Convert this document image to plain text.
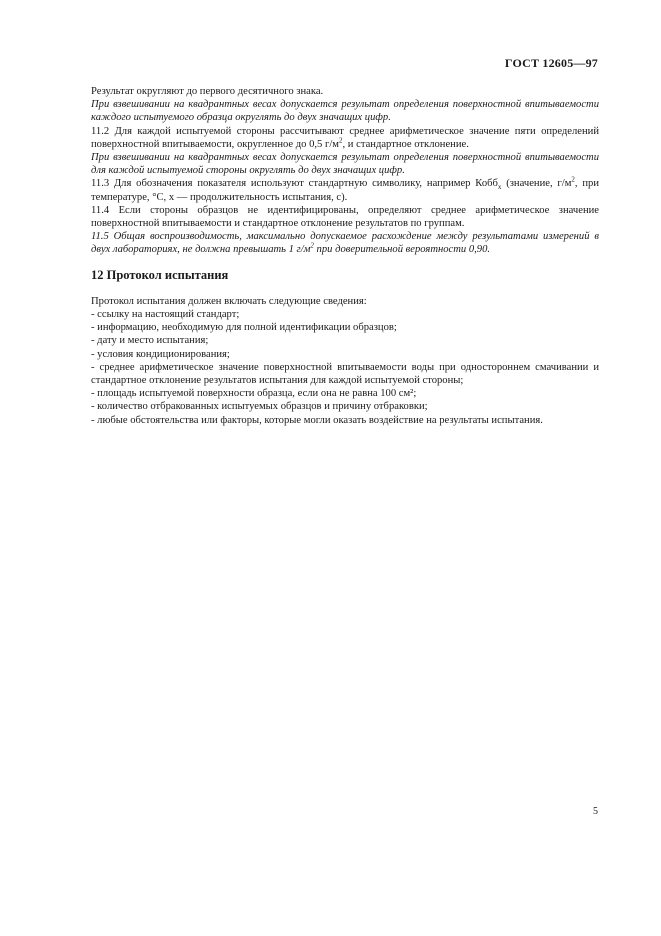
ГОСТ 12605—97

Результат округляют до первого десятичного знака.

При взвешивании на квадрантных весах допускается результат определения поверхностной впитываемости каждого испытуемого образца округлять до двух значащих цифр.

11.2 Для каждой испытуемой стороны рассчитывают среднее арифметическое значение пяти определений поверхностной впитываемости, округленное до 0,5 $г/м^2$, и стандартное отклонение.

При взвешивании на квадрантных весах допускается результат определения поверхностной впитываемости для каждой испытуемой стороны округлять до двух значащих цифр.

11.3 Для обозначения показателя используют стандартную символику, например Кобб$_x$ (значение, $г/м^2$, при температуре, °С, x — продолжительность испытания, с).

11.4 Если стороны образцов не идентифицированы, определяют среднее арифметическое значение поверхностной впитываемости и стандартное отклонение результатов по группам.

11.5 Общая воспроизводимость, максимально допускаемое расхождение между результатами измерений в двух лабораториях, не должна превышать 1 $г/м^2$ при доверительной вероятности 0,90.

12 Протокол испытания

Протокол испытания должен включать следующие сведения:

- ссылку на настоящий стандарт;
- информацию, необходимую для полной идентификации образцов;
- дату и место испытания;
- условия кондиционирования;
- среднее арифметическое значение поверхностной впитываемости воды при одностороннем смачивании и стандартное отклонение результатов испытания для каждой испытуемой стороны;
- площадь испытуемой поверхности образца, если она не равна 100 см²;
- количество отбракованных испытуемых образцов и причину отбраковки;
- любые обстоятельства или факторы, которые могли оказать воздействие на результаты испытания.
5
